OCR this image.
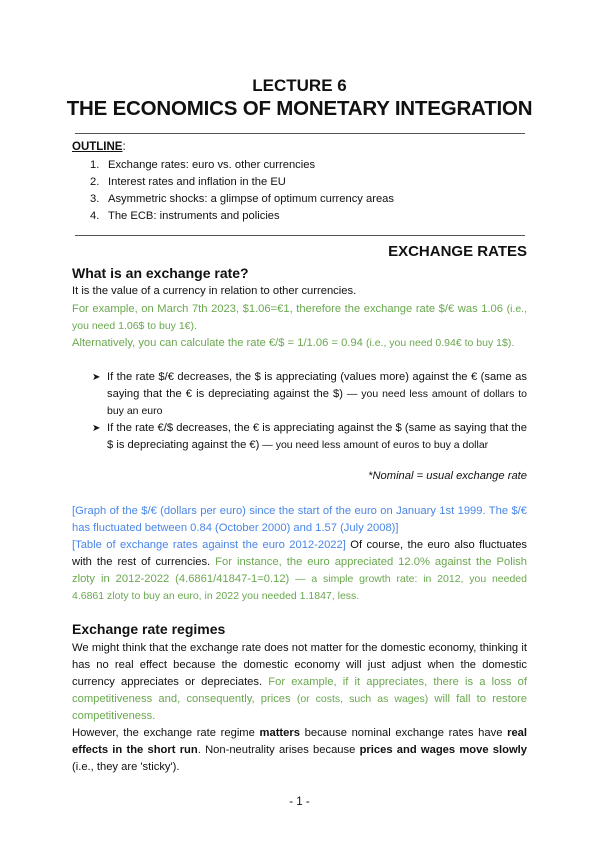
LECTURE 6
THE ECONOMICS OF MONETARY INTEGRATION
OUTLINE:
1. Exchange rates: euro vs. other currencies
2. Interest rates and inflation in the EU
3. Asymmetric shocks: a glimpse of optimum currency areas
4. The ECB: instruments and policies
EXCHANGE RATES
What is an exchange rate?

It is the value of a currency in relation to other currencies.

For example, on March 7th 2023, $1.06=€1, therefore the exchange rate $/€ was 1.06 (i.e., you need 1.06$ to buy 1€).

Alternatively, you can calculate the rate €/$ = 1/1.06 = 0.94 (i.e., you need 0.94€ to buy 1$).

➤ If the rate $/€ decreases, the $ is appreciating (values more) against the € (same as saying that the € is depreciating against the $) — you need less amount of dollars to buy an euro
➤ If the rate €/$ decreases, the € is appreciating against the $ (same as saying that the $ is depreciating against the €) — you need less amount of euros to buy a dollar
*Nominal = usual exchange rate

[Graph of the $/€ (dollars per euro) since the start of the euro on January 1st 1999. The $/€ has fluctuated between 0.84 (October 2000) and 1.57 (July 2008)]

[Table of exchange rates against the euro 2012-2022] Of course, the euro also fluctuates with the rest of currencies. For instance, the euro appreciated 12.0% against the Polish zloty in 2012-2022 (4.6861/41847-1=0.12) — a simple growth rate: in 2012, you needed 4.6861 zloty to buy an euro, in 2022 you needed 1.1847, less.

Exchange rate regimes

We might think that the exchange rate does not matter for the domestic economy, thinking it has no real effect because the domestic economy will just adjust when the domestic currency appreciates or depreciates. For example, if it appreciates, there is a loss of competitiveness and, consequently, prices (or costs, such as wages) will fall to restore competitiveness.

However, the exchange rate regime matters because nominal exchange rates have real effects in the short run. Non-neutrality arises because prices and wages move slowly (i.e., they are 'sticky').

- 1 -
